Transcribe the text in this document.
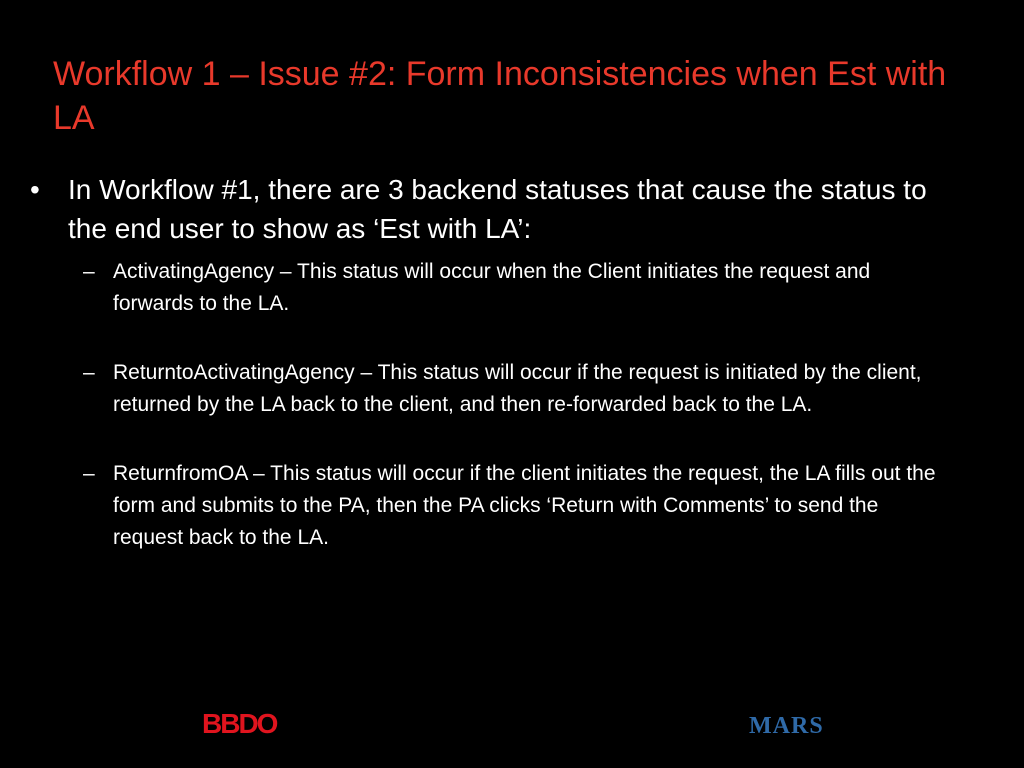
Workflow 1 – Issue #2: Form Inconsistencies when Est with LA
•	In Workflow #1, there are 3 backend statuses that cause the status to the end user to show as ‘Est with LA’:
– ActivatingAgency – This status will occur when the Client initiates the request and forwards to the LA.
– ReturntoActivatingAgency – This status will occur if the request is initiated by the client, returned by the LA back to the client, and then re-forwarded back to the LA.
– ReturnfromOA – This status will occur if the client initiates the request, the LA fills out the form and submits to the PA, then the PA clicks ‘Return with Comments’ to send the request back to the LA.
BBDO	MARS
